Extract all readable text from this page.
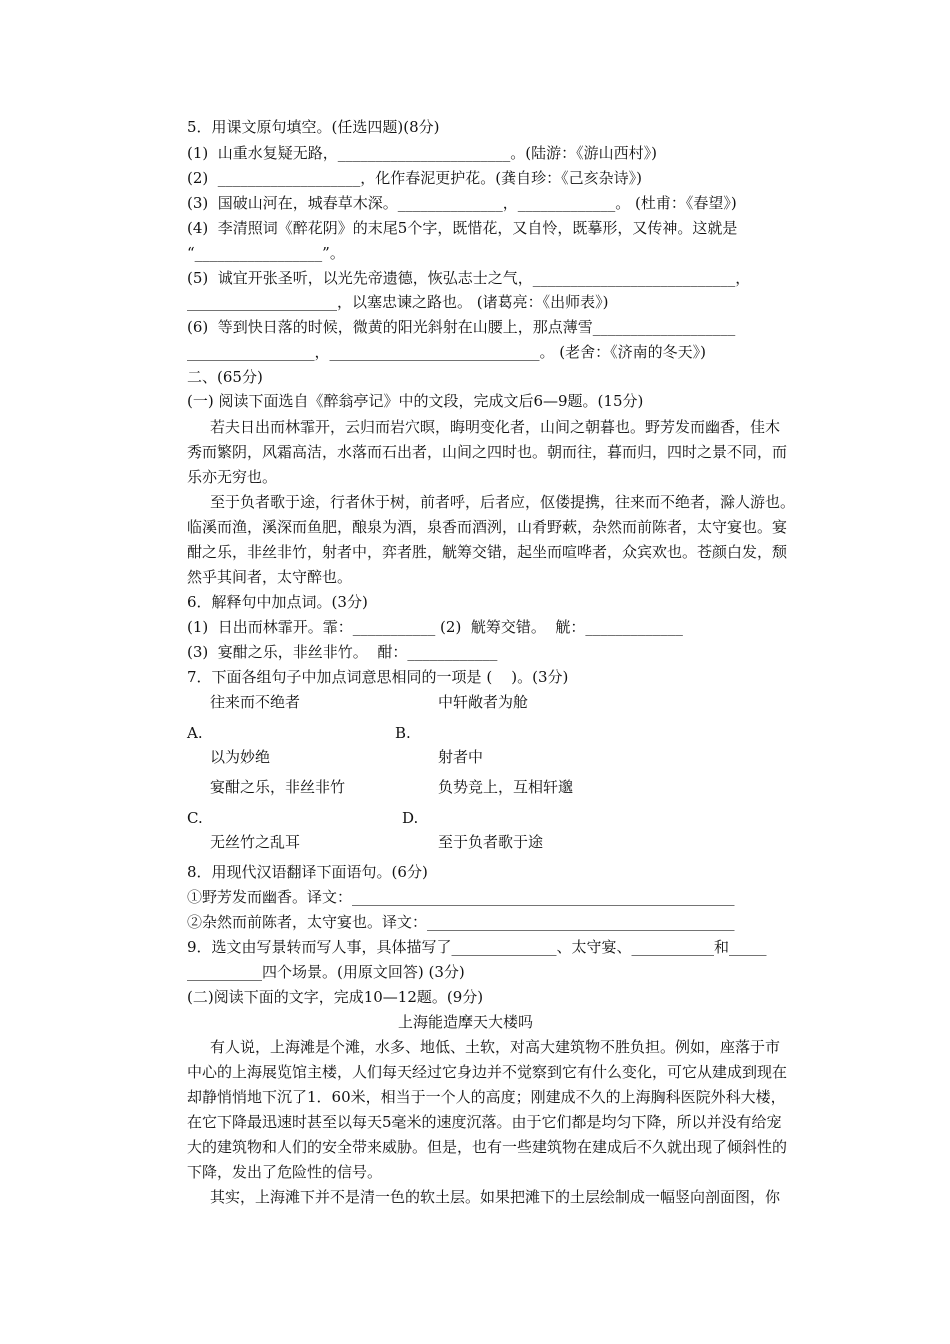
5．用课文原句填空。(任选四题)(8分)
(1)  山重水复疑无路，_______________________。(陆游：《游山西村》)
(2)  ___________________，化作春泥更护花。(龚自珍：《己亥杂诗》)
(3)  国破山河在，城春草木深。______________，_____________。 (杜甫：《春望》)
(4)  李清照词《醉花阴》的末尾5个字，既惜花，又自怜，既摹形，又传神。这就是
“_________________”。
(5)  诚宜开张圣听，以光先帝遗德，恢弘志士之气，___________________________，
____________________，以塞忠谏之路也。 (诸葛亮：《出师表》)
(6)  等到快日落的时候，微黄的阳光斜射在山腰上，那点薄雪___________________
_________________，____________________________。 (老舍：《济南的冬天》)
二、(65分)
(一) 阅读下面选自《醉翁亭记》中的文段，完成文后6—9题。(15分)
若夫日出而林霏开，云归而岩穴暝，晦明变化者，山间之朝暮也。野芳发而幽香，佳木
秀而繁阴，风霜高洁，水落而石出者，山间之四时也。朝而往，暮而归，四时之景不同，而
乐亦无穷也。
至于负者歌于途，行者休于树，前者呼，后者应，伛偻提携，往来而不绝者，滁人游也。
临溪而渔，溪深而鱼肥，酿泉为酒，泉香而酒洌，山肴野蔌，杂然而前陈者，太守宴也。宴
酣之乐，非丝非竹，射者中，弈者胜，觥筹交错，起坐而喧哗者，众宾欢也。苍颜白发，颓
然乎其间者，太守醉也。
6．解释句中加点词。(3分)
(1)  日出而林霏开。霏：___________ (2)  觥筹交错。  觥：_____________
(3)  宴酣之乐，非丝非竹。  酣：____________
7．下面各组句子中加点词意思相同的一项是 (    )。(3分)
往来而不绝者	中轩敞者为舱
A.	B.
以为妙绝	射者中
宴酣之乐，非丝非竹	负势竞上，互相轩邈
C.	D.
无丝竹之乱耳	至于负者歌于途
8．用现代汉语翻译下面语句。(6分)
①野芳发而幽香。译文：___________________________________________________
②杂然而前陈者，太守宴也。译文：_________________________________________
9．选文由写景转而写人事，具体描写了______________、太守宴、___________和_____
__________四个场景。(用原文回答) (3分)
(二)阅读下面的文字，完成10—12题。(9分)
上海能造摩天大楼吗
有人说，上海滩是个滩，水多、地低、土软，对高大建筑物不胜负担。例如，座落于市
中心的上海展览馆主楼，人们每天经过它身边并不觉察到它有什么变化，可它从建成到现在
却静悄悄地下沉了1．60米，相当于一个人的高度；刚建成不久的上海胸科医院外科大楼，
在它下降最迅速时甚至以每天5毫米的速度沉落。由于它们都是均匀下降，所以并没有给宠
大的建筑物和人们的安全带来威胁。但是，也有一些建筑物在建成后不久就出现了倾斜性的
下降，发出了危险性的信号。
其实，上海滩下并不是清一色的软土层。如果把滩下的土层绘制成一幅竖向剖面图，你
